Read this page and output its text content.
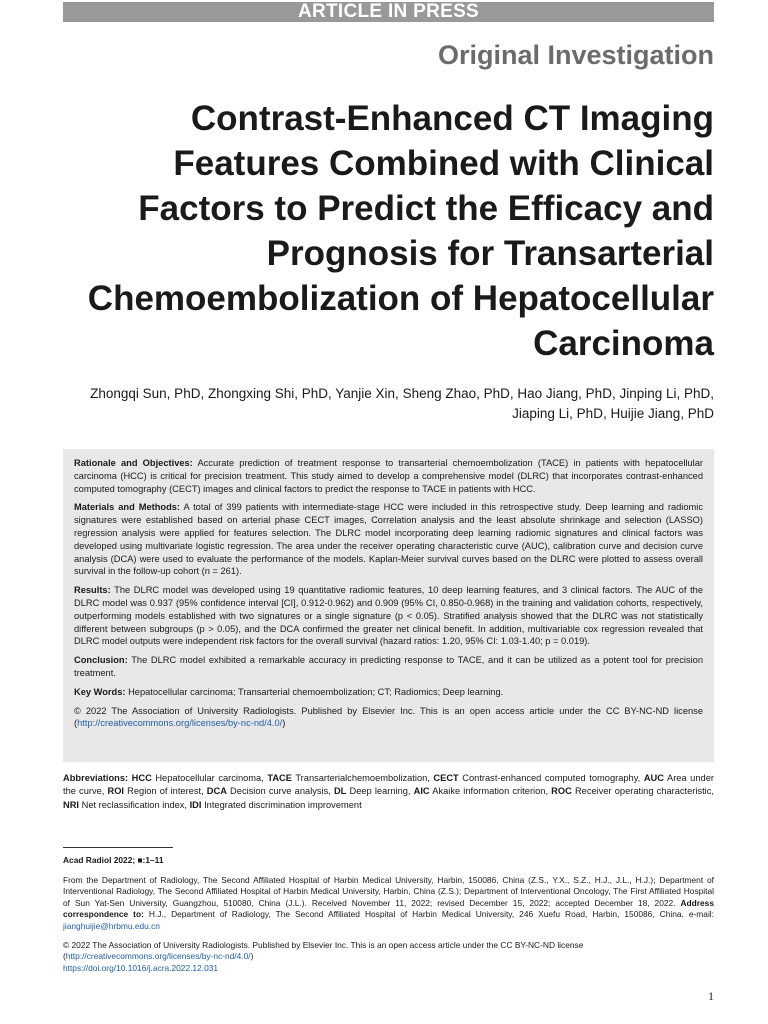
ARTICLE IN PRESS
Original Investigation
Contrast-Enhanced CT Imaging
Features Combined with Clinical
Factors to Predict the Efficacy and
Prognosis for Transarterial
Chemoembolization of Hepatocellular
Carcinoma
Zhongqi Sun, PhD, Zhongxing Shi, PhD, Yanjie Xin, Sheng Zhao, PhD, Hao Jiang, PhD, Jinping Li, PhD,
Jiaping Li, PhD, Huijie Jiang, PhD

Rationale and Objectives: Accurate prediction of treatment response to transarterial chemoembolization (TACE) in patients with hepatocellular carcinoma (HCC) is critical for precision treatment. This study aimed to develop a comprehensive model (DLRC) that incorporates contrast-enhanced computed tomography (CECT) images and clinical factors to predict the response to TACE in patients with HCC.

Materials and Methods: A total of 399 patients with intermediate-stage HCC were included in this retrospective study. Deep learning and radiomic signatures were established based on arterial phase CECT images, Correlation analysis and the least absolute shrinkage and selection (LASSO) regression analysis were applied for features selection. The DLRC model incorporating deep learning radiomic signatures and clinical factors was developed using multivariate logistic regression. The area under the receiver operating characteristic curve (AUC), calibration curve and decision curve analysis (DCA) were used to evaluate the performance of the models. Kaplan-Meier survival curves based on the DLRC were plotted to assess overall survival in the follow-up cohort (n = 261).

Results: The DLRC model was developed using 19 quantitative radiomic features, 10 deep learning features, and 3 clinical factors. The AUC of the DLRC model was 0.937 (95% confidence interval [CI], 0.912-0.962) and 0.909 (95% CI, 0.850-0.968) in the training and validation cohorts, respectively, outperforming models established with two signatures or a single signature (p < 0.05). Stratified analysis showed that the DLRC was not statistically different between subgroups (p > 0.05), and the DCA confirmed the greater net clinical benefit. In addition, multivariable cox regression revealed that DLRC model outputs were independent risk factors for the overall survival (hazard ratios: 1.20, 95% CI: 1.03-1.40; p = 0.019).

Conclusion: The DLRC model exhibited a remarkable accuracy in predicting response to TACE, and it can be utilized as a potent tool for precision treatment.

Key Words: Hepatocellular carcinoma; Transarterial chemoembolization; CT; Radiomics; Deep learning.

© 2022 The Association of University Radiologists. Published by Elsevier Inc. This is an open access article under the CC BY-NC-ND license (http://creativecommons.org/licenses/by-nc-nd/4.0/)

Abbreviations: HCC Hepatocellular carcinoma, TACE Transarterialchemoembolization, CECT Contrast-enhanced computed tomography, AUC Area under the curve, ROI Region of interest, DCA Decision curve analysis, DL Deep learning, AIC Akaike information criterion, ROC Receiver operating characteristic, NRI Net reclassification index, IDI Integrated discrimination improvement

Acad Radiol 2022; ■:1–11

From the Department of Radiology, The Second Affiliated Hospital of Harbin Medical University, Harbin, 150086, China (Z.S., Y.X., S.Z., H.J., J.L., H.J.); Department of Interventional Radiology, The Second Affiliated Hospital of Harbin Medical University, Harbin, China (Z.S.); Department of Interventional Oncology, The First Affiliated Hospital of Sun Yat-Sen University, Guangzhou, 510080, China (J.L.). Received November 11, 2022; revised December 15, 2022; accepted December 18, 2022. Address correspondence to: H.J., Department of Radiology, The Second Affiliated Hospital of Harbin Medical University, 246 Xuefu Road, Harbin, 150086, China. e-mail: jianghuijie@hrbmu.edu.cn

© 2022 The Association of University Radiologists. Published by Elsevier Inc. This is an open access article under the CC BY-NC-ND license
(http://creativecommons.org/licenses/by-nc-nd/4.0/)
https://doi.org/10.1016/j.acra.2022.12.031

1
